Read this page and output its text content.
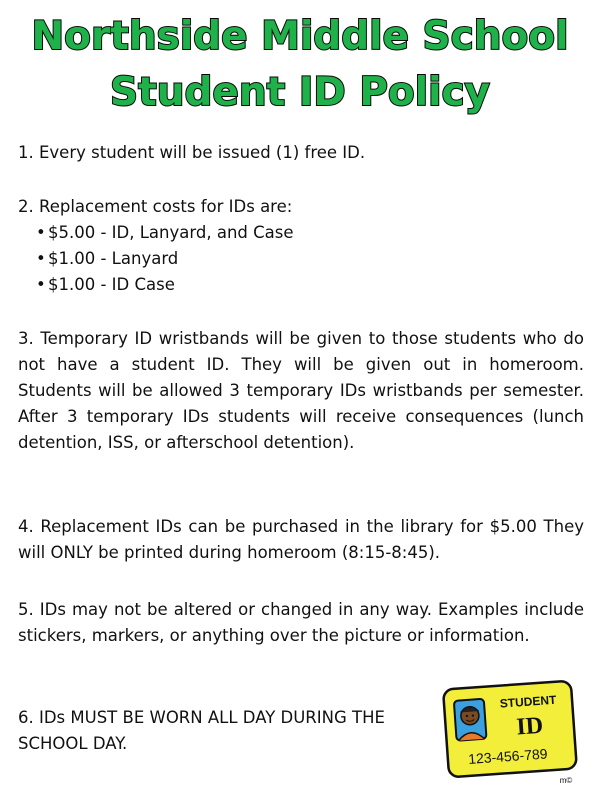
Northside Middle School
Student ID Policy

1. Every student will be issued (1) free ID.

2. Replacement costs for IDs are:

• $5.00 - ID, Lanyard, and Case
• $1.00 - Lanyard
• $1.00 - ID Case

3. Temporary ID wristbands will be given to those students who do not have a student ID. They will be given out in homeroom. Students will be allowed 3 temporary IDs wristbands per semester. After 3 temporary IDs students will receive consequences (lunch detention, ISS, or afterschool detention).

4. Replacement IDs can be purchased in the library for $5.00 They will ONLY be printed during homeroom (8:15-8:45).

5. IDs may not be altered or changed in any way. Examples include stickers, markers, or anything over the picture or information.

6. IDs MUST BE WORN ALL DAY DURING THE SCHOOL DAY.

STUDENT
ID
123-456-789
m©
